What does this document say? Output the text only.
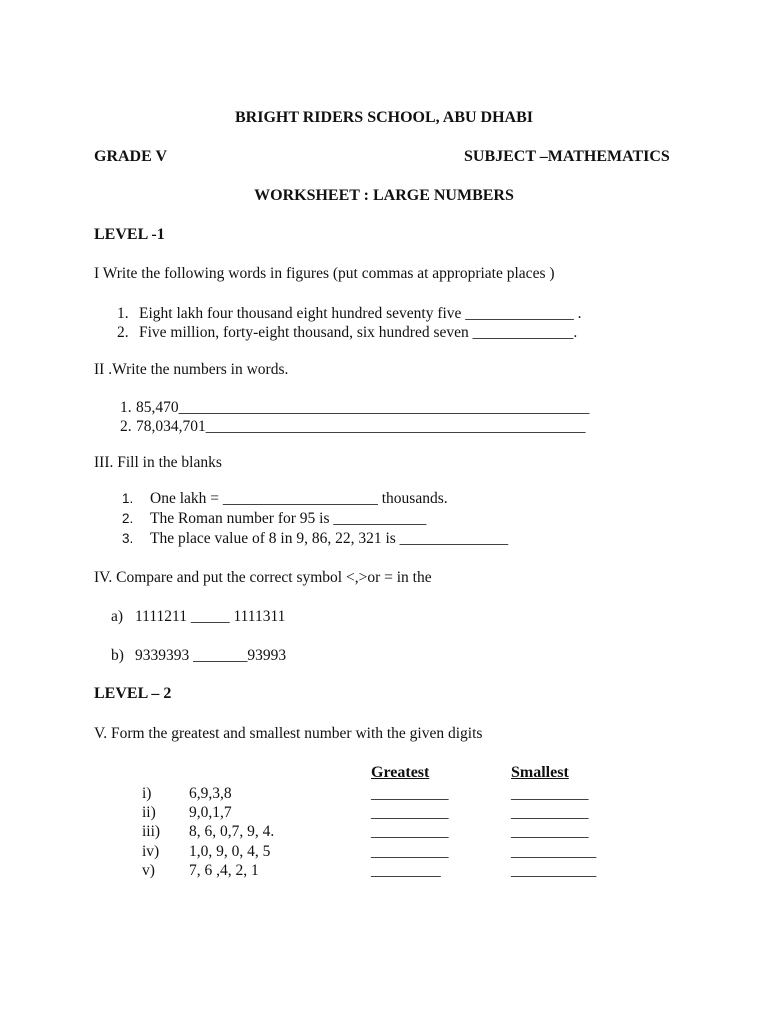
BRIGHT RIDERS SCHOOL, ABU DHABI
GRADE V	SUBJECT –MATHEMATICS
WORKSHEET : LARGE NUMBERS
LEVEL -1
I Write the following words in figures (put commas at appropriate places )
1. Eight lakh four thousand eight hundred seventy five ______________ .
2. Five million, forty-eight thousand, six hundred seven _____________.
II .Write the numbers in words.
1. 85,470_____________________________________________________
2. 78,034,701_________________________________________________
III. Fill in the blanks
1. One lakh = ____________________ thousands.
2. The Roman number for 95 is ____________
3. The place value of 8 in 9, 86, 22, 321 is ______________
IV. Compare and put the correct symbol <,>or = in the
a) 1111211 _____ 1111311
b) 9339393 _______93993
LEVEL – 2
V. Form the greatest and smallest number with the given digits
Greatest	Smallest
i) 6,9,3,8	__________	__________
ii) 9,0,1,7	__________	__________
iii) 8, 6, 0,7, 9, 4.	__________	__________
iv) 1,0, 9, 0, 4, 5	__________	___________
v) 7, 6 ,4, 2, 1	_________	___________
